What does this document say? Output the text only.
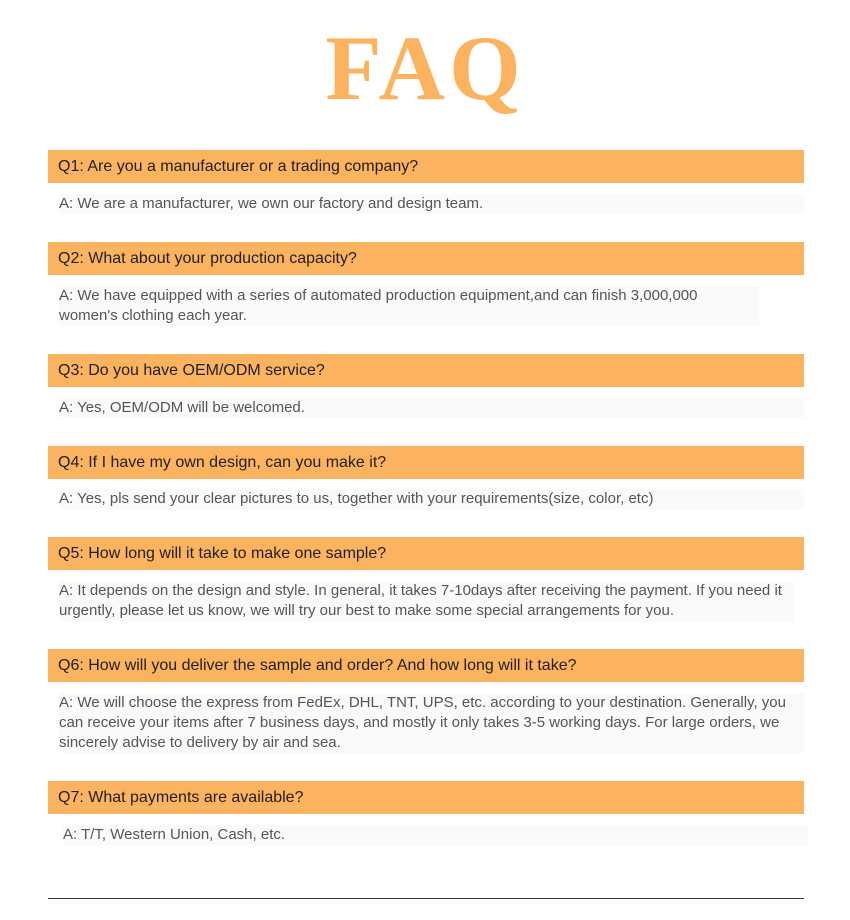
FAQ
Q1: Are you a manufacturer or a trading company?
A: We are a manufacturer, we own our factory and design team.
Q2: What about your production capacity?
A: We have equipped with a series of automated production equipment,and can finish 3,000,000 women's clothing each year.
Q3: Do you have OEM/ODM service?
A: Yes, OEM/ODM will be welcomed.
Q4: If I have my own design, can you make it?
A: Yes, pls send your clear pictures to us, together with your requirements(size, color, etc)
Q5: How long will it take to make one sample?
A: It depends on the design and style. In general, it takes 7-10days after receiving the payment. If you need it urgently, please let us know, we will try our best to make some special arrangements for you.
Q6: How will you deliver the sample and order? And how long will it take?
A: We will choose the express from FedEx, DHL, TNT, UPS, etc. according to your destination. Generally, you can receive your items after 7 business days, and mostly it only takes 3-5 working days. For large orders, we sincerely advise to delivery by air and sea.
Q7: What payments are available?
A: T/T, Western Union, Cash, etc.
